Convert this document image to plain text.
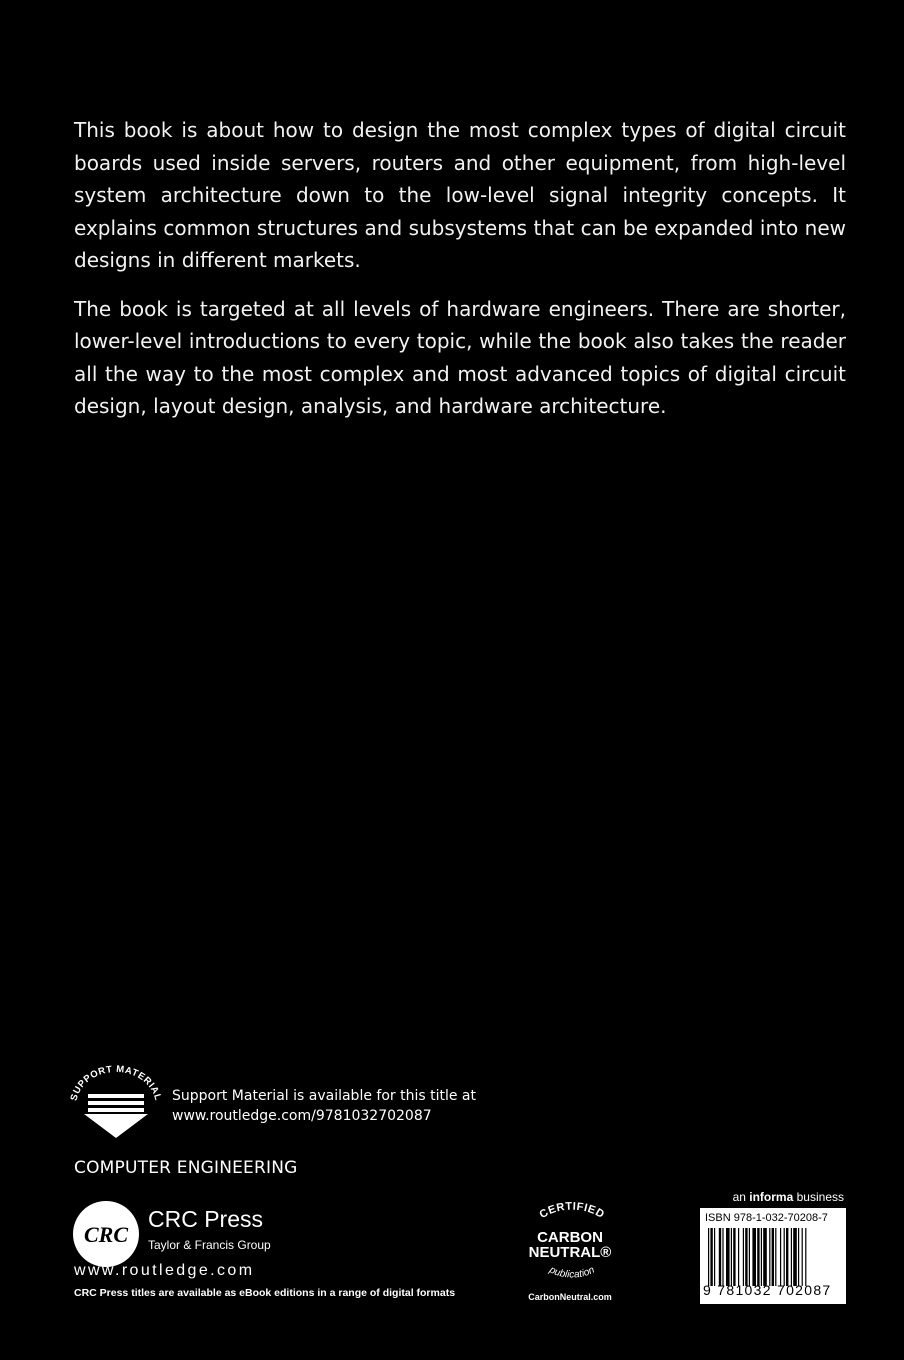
This book is about how to design the most complex types of digital circuit boards used inside servers, routers and other equipment, from high-level system architecture down to the low-level signal integrity concepts. It explains common structures and subsystems that can be expanded into new designs in different markets.

The book is targeted at all levels of hardware engineers. There are shorter, lower-level introductions to every topic, while the book also takes the reader all the way to the most complex and most advanced topics of digital circuit design, layout design, analysis, and hardware architecture.

SUPPORT MATERIAL Support Material is available for this title at
www.routledge.com/9781032702087
COMPUTER ENGINEERING
CRC
CRC Press
Taylor & Francis Group
www.routledge.com
CRC Press titles are available as eBook editions in a range of digital formats
CERTIFIED
CARBON
NEUTRAL®
publication
CarbonNeutral.com
an informa business
ISBN 978-1-032-70208-7
9 781032 702087
